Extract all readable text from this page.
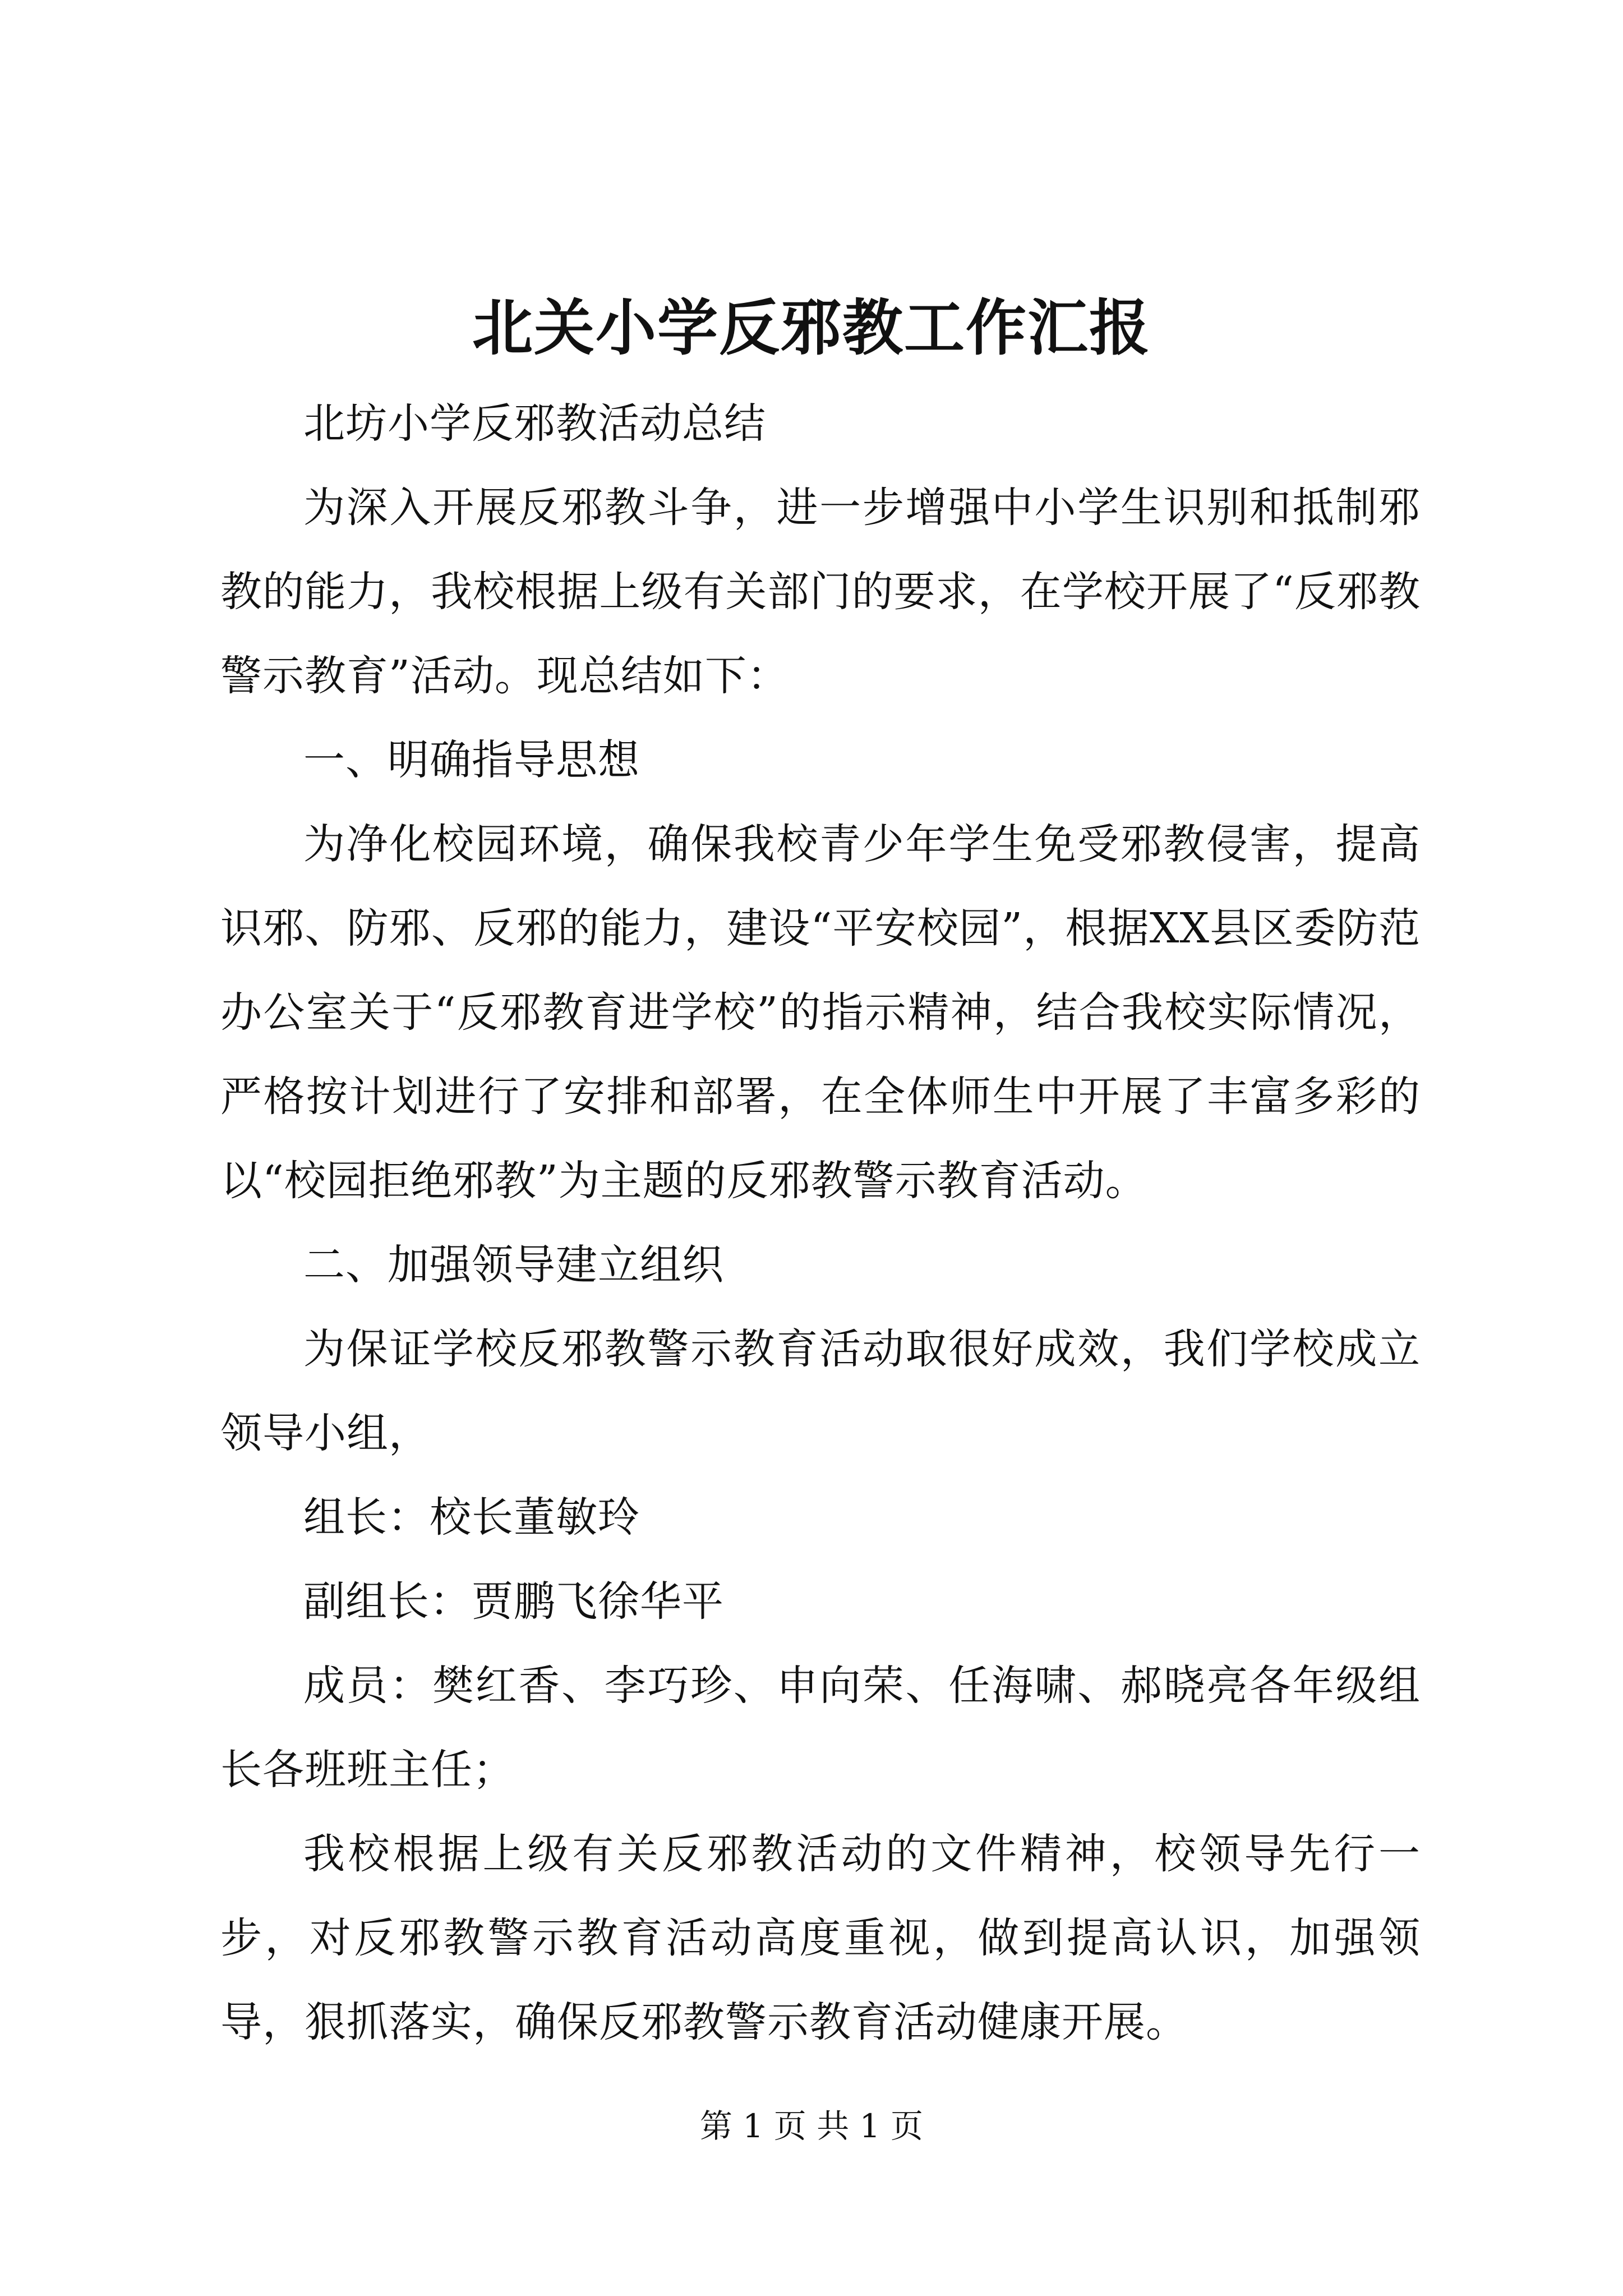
北关小学反邪教工作汇报

北坊小学反邪教活动总结

为深入开展反邪教斗争，进一步增强中小学生识别和抵制邪教的能力，我校根据上级有关部门的要求，在学校开展了“反邪教警示教育”活动。现总结如下：

一、明确指导思想

为净化校园环境，确保我校青少年学生免受邪教侵害，提高识邪、防邪、反邪的能力，建设“平安校园”，根据XX县区委防范办公室关于“反邪教育进学校”的指示精神，结合我校实际情况，严格按计划进行了安排和部署，在全体师生中开展了丰富多彩的以“校园拒绝邪教”为主题的反邪教警示教育活动。

二、加强领导建立组织

为保证学校反邪教警示教育活动取很好成效，我们学校成立领导小组，

组长：校长董敏玲

副组长：贾鹏飞徐华平

成员：樊红香、李巧珍、申向荣、任海啸、郝晓亮各年级组长各班班主任；

我校根据上级有关反邪教活动的文件精神，校领导先行一步，对反邪教警示教育活动高度重视，做到提高认识，加强领导，狠抓落实，确保反邪教警示教育活动健康开展。

第 1 页 共 1 页
